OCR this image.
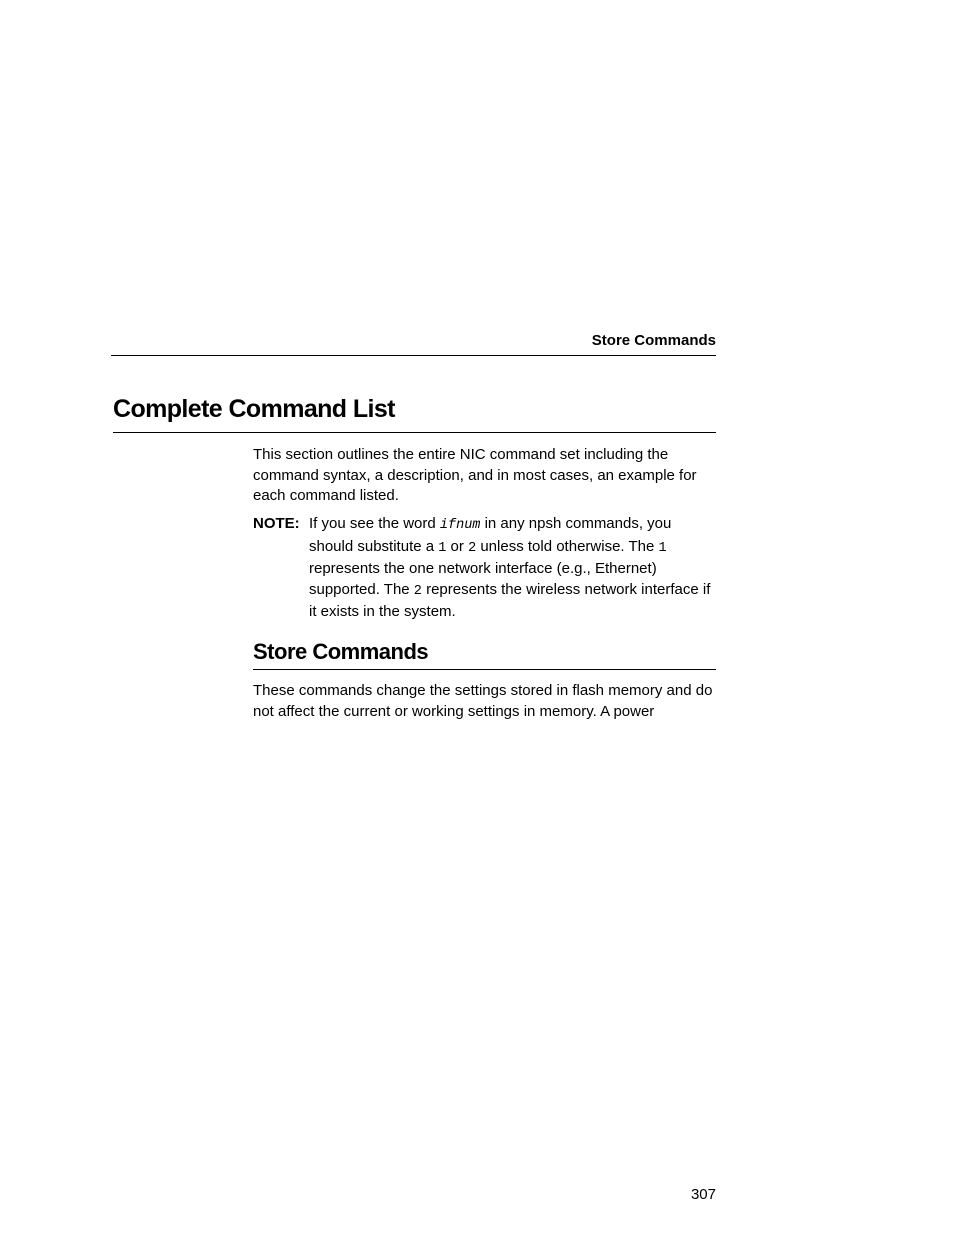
Store Commands
Complete Command List

This section outlines the entire NIC command set including the command syntax, a description, and in most cases, an example for each command listed.

NOTE: If you see the word ifnum in any npsh commands, you should substitute a 1 or 2 unless told otherwise. The 1 represents the one network interface (e.g., Ethernet) supported. The 2 represents the wireless network interface if it exists in the system.
Store Commands

These commands change the settings stored in flash memory and do not affect the current or working settings in memory. A power

307
